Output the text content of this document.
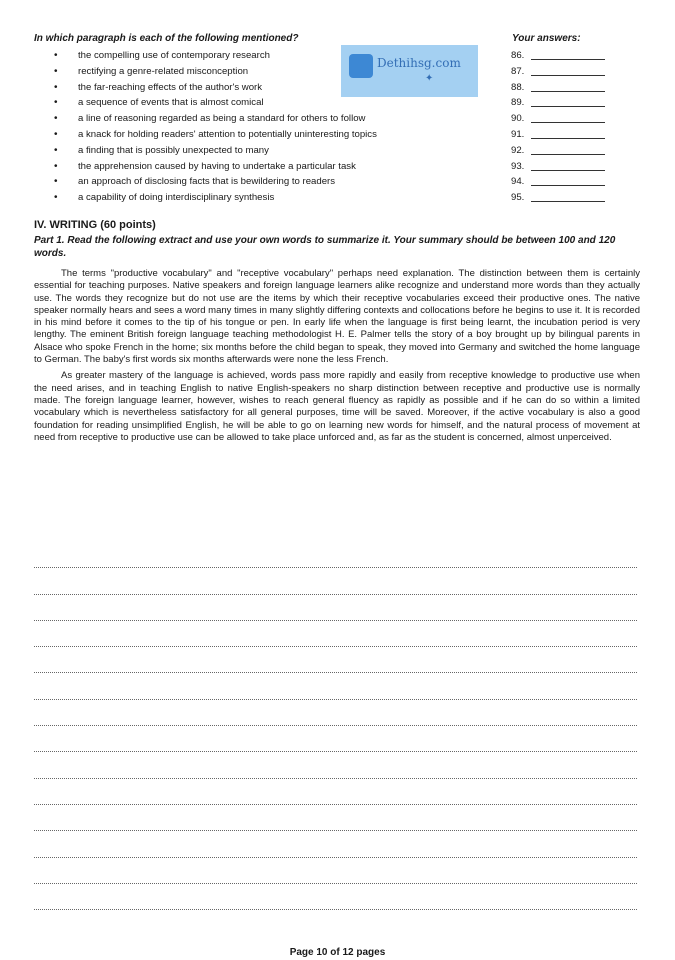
In which paragraph is each of the following mentioned?	Your answers:
• the compelling use of contemporary research	86.
• rectifying a genre-related misconception	87.
• the far-reaching effects of the author's work	88.
• a sequence of events that is almost comical	89.
• a line of reasoning regarded as being a standard for others to follow	90.
• a knack for holding readers' attention to potentially uninteresting topics	91.
• a finding that is possibly unexpected to many	92.
• the apprehension caused by having to undertake a particular task	93.
• an approach of disclosing facts that is bewildering to readers	94.
• a capability of doing interdisciplinary synthesis	95.
Dethihsg.com
✦
IV. WRITING (60 points)
Part 1. Read the following extract and use your own words to summarize it. Your summary should be between 100 and 120 words.

The terms "productive vocabulary" and "receptive vocabulary" perhaps need explanation. The distinction between them is certainly essential for teaching purposes. Native speakers and foreign language learners alike recognize and understand more words than they actually use. The words they recognize but do not use are the items by which their receptive vocabularies exceed their productive ones. The native speaker normally hears and sees a word many times in many slightly differing contexts and collocations before he begins to use it. It is recorded in his mind before it comes to the tip of his tongue or pen. In early life when the language is first being learnt, the incubation period is very lengthy. The eminent British foreign language teaching methodologist H. E. Palmer tells the story of a boy brought up by bilingual parents in Alsace who spoke French in the home; six months before the child began to speak, they moved into Germany and switched the home language to German. The baby's first words six months afterwards were none the less French.

As greater mastery of the language is achieved, words pass more rapidly and easily from receptive knowledge to productive use when the need arises, and in teaching English to native English-speakers no sharp distinction between receptive and productive use is normally made. The foreign language learner, however, wishes to reach general fluency as rapidly as possible and if he can do so within a limited vocabulary which is nevertheless satisfactory for all general purposes, time will be saved. Moreover, if the active vocabulary is also a good foundation for reading unsimplified English, he will be able to go on learning new words for himself, and the natural process of movement at need from receptive to productive use can be allowed to take place unforced and, as far as the student is concerned, almost unperceived.

Page 10 of 12 pages
